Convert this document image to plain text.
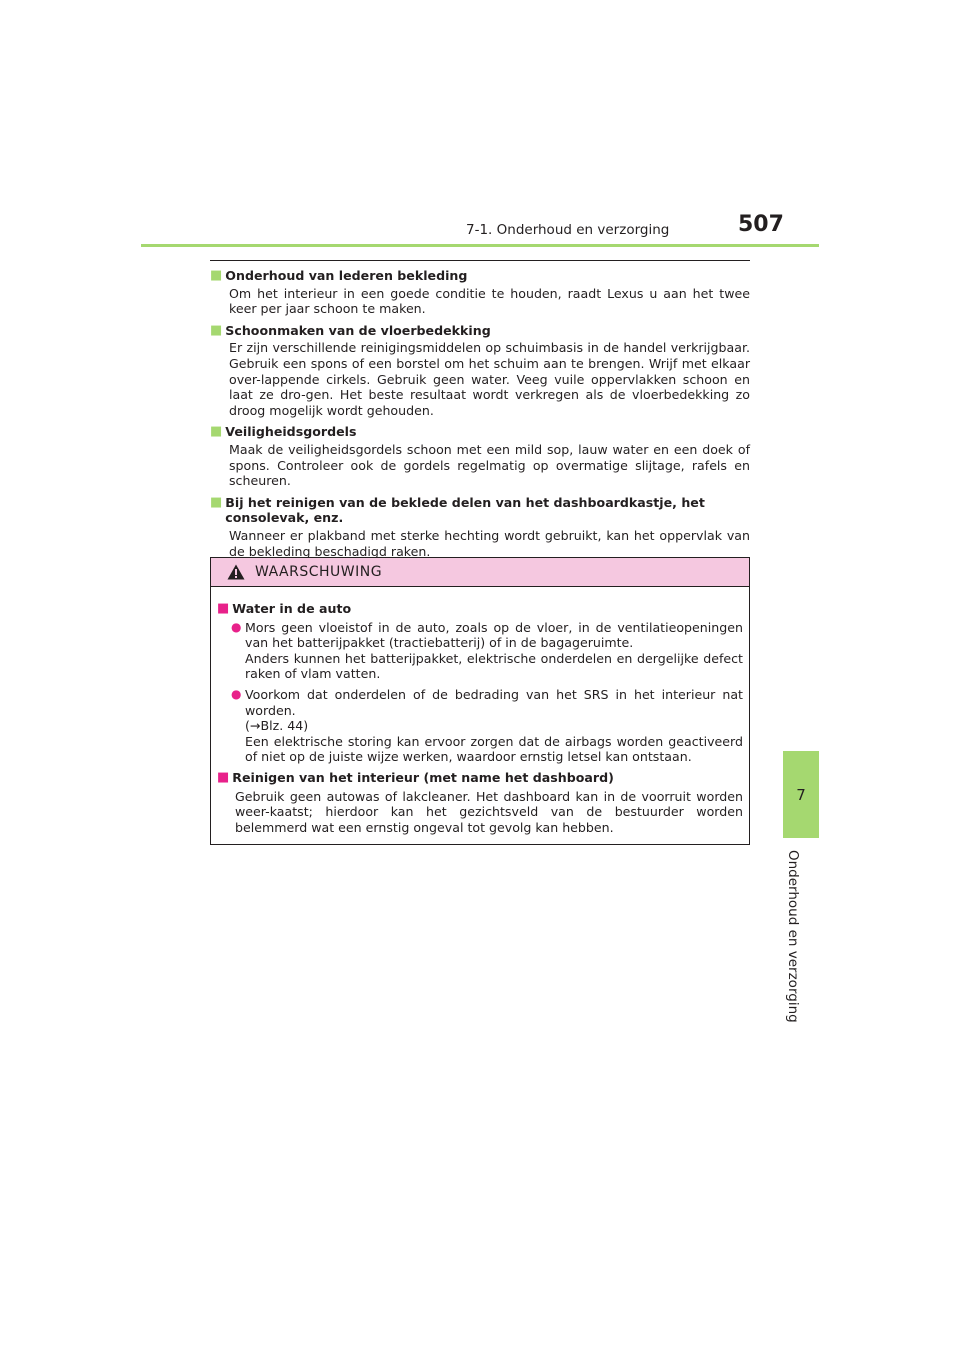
7-1. Onderhoud en verzorging	507
7
Onderhoud en verzorging
■ Onderhoud van lederen bekleding
Om het interieur in een goede conditie te houden, raadt Lexus u aan het twee keer per jaar schoon te maken.
■ Schoonmaken van de vloerbedekking
Er zijn verschillende reinigingsmiddelen op schuimbasis in de handel verkrijgbaar. Gebruik een spons of een borstel om het schuim aan te brengen. Wrijf met elkaar over-lappende cirkels. Gebruik geen water. Veeg vuile oppervlakken schoon en laat ze dro-gen. Het beste resultaat wordt verkregen als de vloerbedekking zo droog mogelijk wordt gehouden.
■ Veiligheidsgordels
Maak de veiligheidsgordels schoon met een mild sop, lauw water en een doek of spons. Controleer ook de gordels regelmatig op overmatige slijtage, rafels en scheuren.
■ Bij het reinigen van de beklede delen van het dashboardkastje, het consolevak, enz.
Wanneer er plakband met sterke hechting wordt gebruikt, kan het oppervlak van de bekleding beschadigd raken.
WAARSCHUWING
■ Water in de auto
● Mors geen vloeistof in de auto, zoals op de vloer, in de ventilatieopeningen van het batterijpakket (tractiebatterij) of in de bagageruimte.
Anders kunnen het batterijpakket, elektrische onderdelen en dergelijke defect raken of vlam vatten.
● Voorkom dat onderdelen of de bedrading van het SRS in het interieur nat worden.
(→Blz. 44)
Een elektrische storing kan ervoor zorgen dat de airbags worden geactiveerd of niet op de juiste wijze werken, waardoor ernstig letsel kan ontstaan.
■ Reinigen van het interieur (met name het dashboard)
Gebruik geen autowas of lakcleaner. Het dashboard kan in de voorruit worden weer-kaatst; hierdoor kan het gezichtsveld van de bestuurder worden belemmerd wat een ernstig ongeval tot gevolg kan hebben.
